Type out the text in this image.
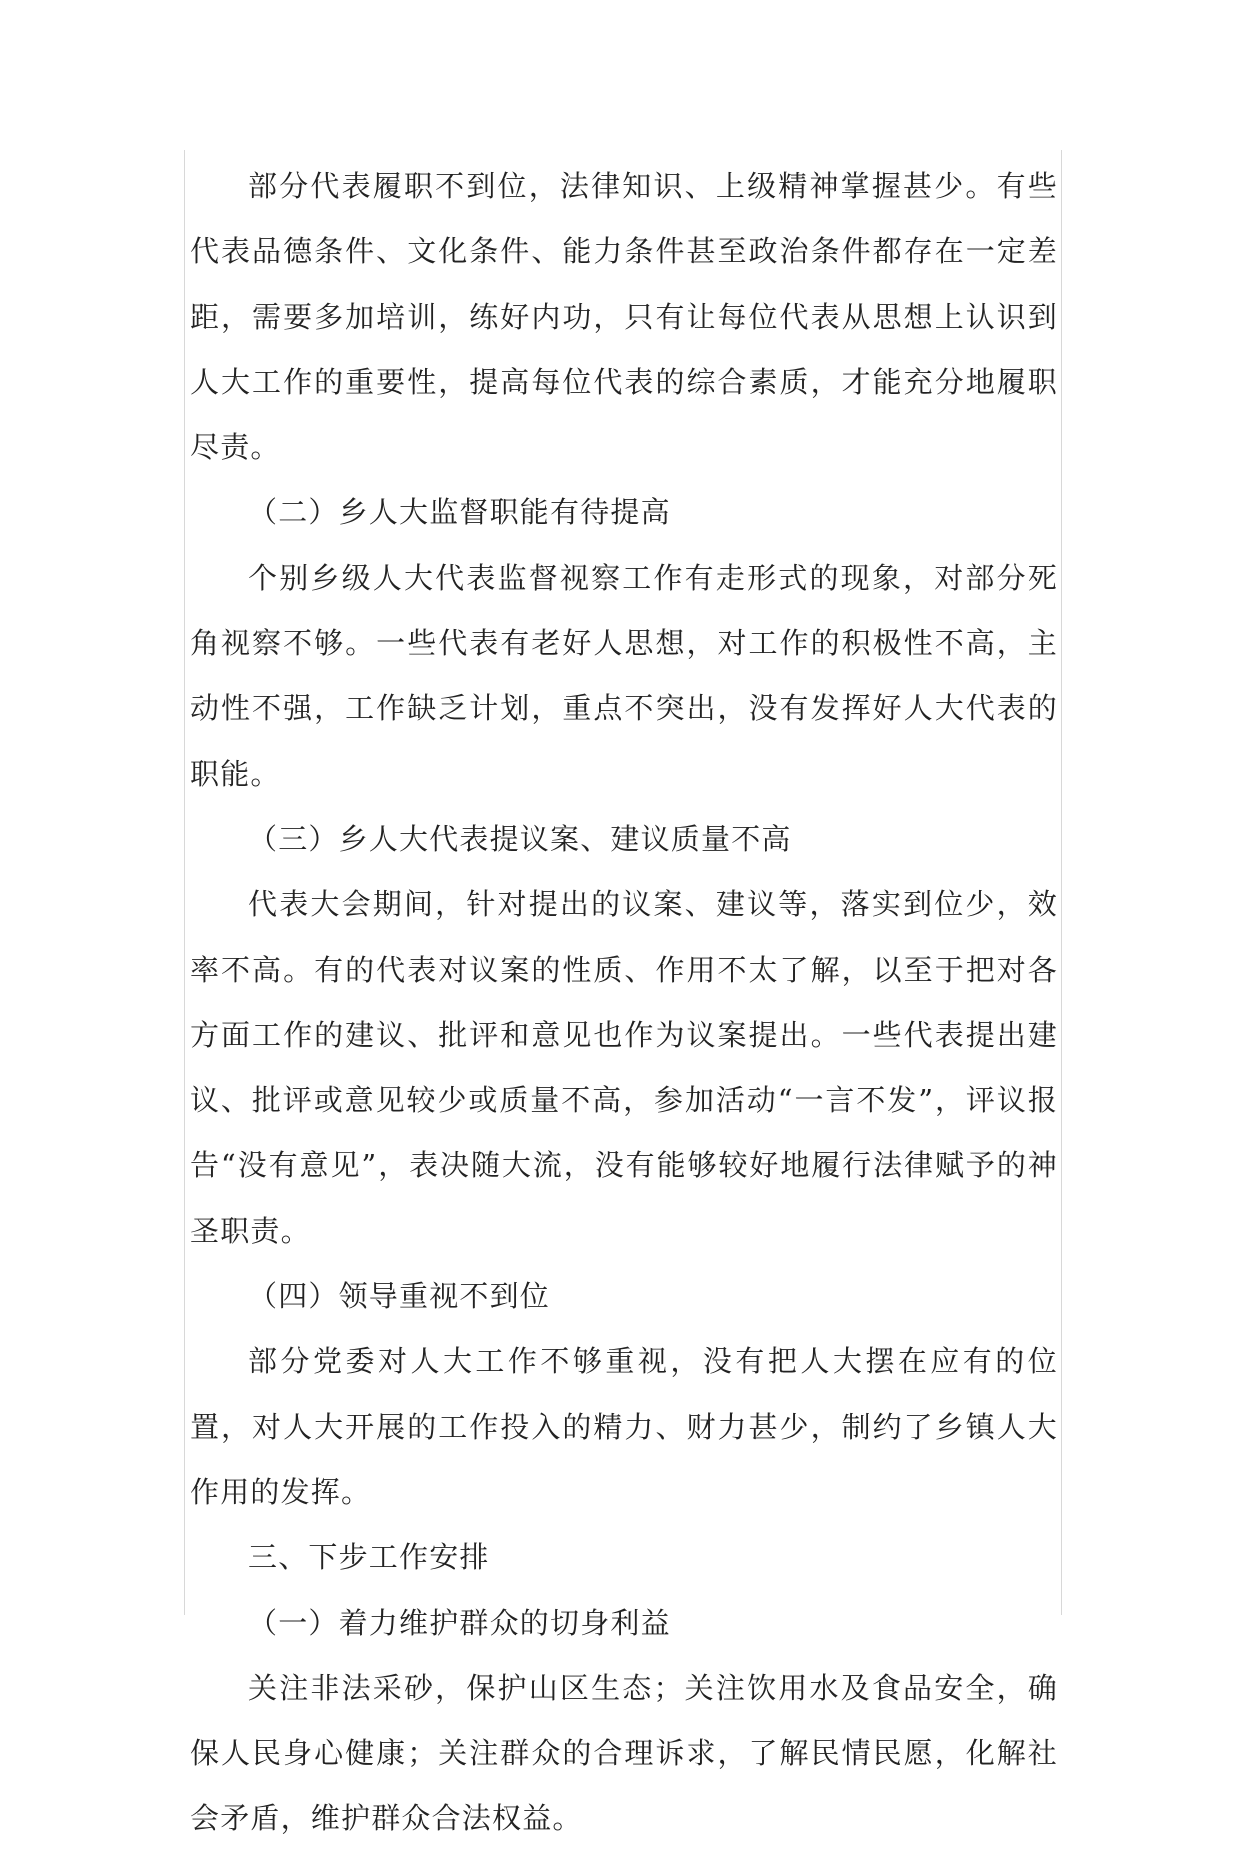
部分代表履职不到位，法律知识、上级精神掌握甚少。有些代表品德条件、文化条件、能力条件甚至政治条件都存在一定差距，需要多加培训，练好内功，只有让每位代表从思想上认识到人大工作的重要性，提高每位代表的综合素质，才能充分地履职尽责。

（二）乡人大监督职能有待提高

个别乡级人大代表监督视察工作有走形式的现象，对部分死角视察不够。一些代表有老好人思想，对工作的积极性不高，主动性不强，工作缺乏计划，重点不突出，没有发挥好人大代表的职能。

（三）乡人大代表提议案、建议质量不高

代表大会期间，针对提出的议案、建议等，落实到位少，效率不高。有的代表对议案的性质、作用不太了解，以至于把对各方面工作的建议、批评和意见也作为议案提出。一些代表提出建议、批评或意见较少或质量不高，参加活动“一言不发”，评议报告“没有意见”，表决随大流，没有能够较好地履行法律赋予的神圣职责。

（四）领导重视不到位

部分党委对人大工作不够重视，没有把人大摆在应有的位置，对人大开展的工作投入的精力、财力甚少，制约了乡镇人大作用的发挥。

三、下步工作安排

（一）着力维护群众的切身利益

关注非法采砂，保护山区生态；关注饮用水及食品安全，确保人民身心健康；关注群众的合理诉求，了解民情民愿，化解社会矛盾，维护群众合法权益。
